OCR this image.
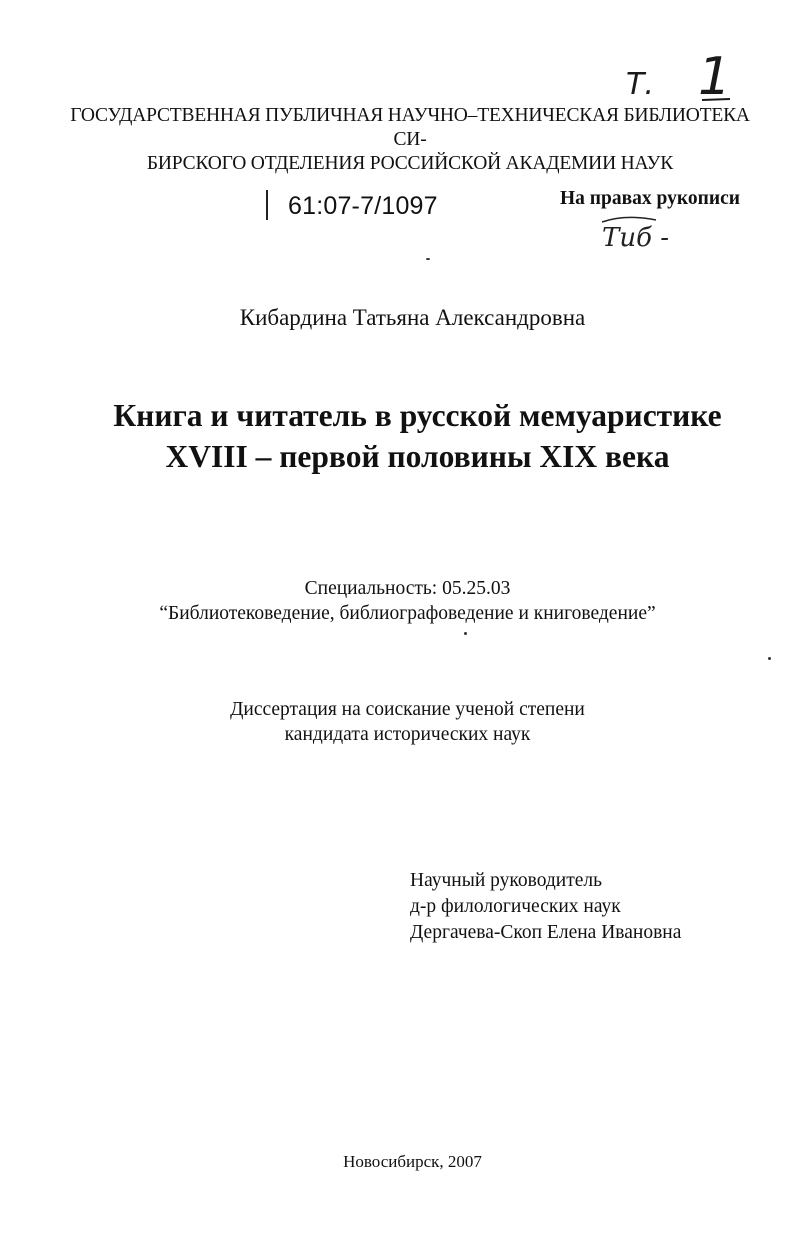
Т. 1
ГОСУДАРСТВЕННАЯ ПУБЛИЧНАЯ НАУЧНО–ТЕХНИЧЕСКАЯ БИБЛИОТЕКА СИ-
БИРСКОГО ОТДЕЛЕНИЯ РОССИЙСКОЙ АКАДЕМИИ НАУК
61:07-7/1097	На правах рукописи
Тиб -
Кибардина Татьяна Александровна
Книга и читатель в русской мемуаристике
XVIII – первой половины XIX века
Специальность: 05.25.03
“Библиотековедение, библиографоведение и книговедение”
Диссертация на соискание ученой степени
кандидата исторических наук
Научный руководитель
д-р филологических наук
Дергачева-Скоп Елена Ивановна
Новосибирск, 2007
